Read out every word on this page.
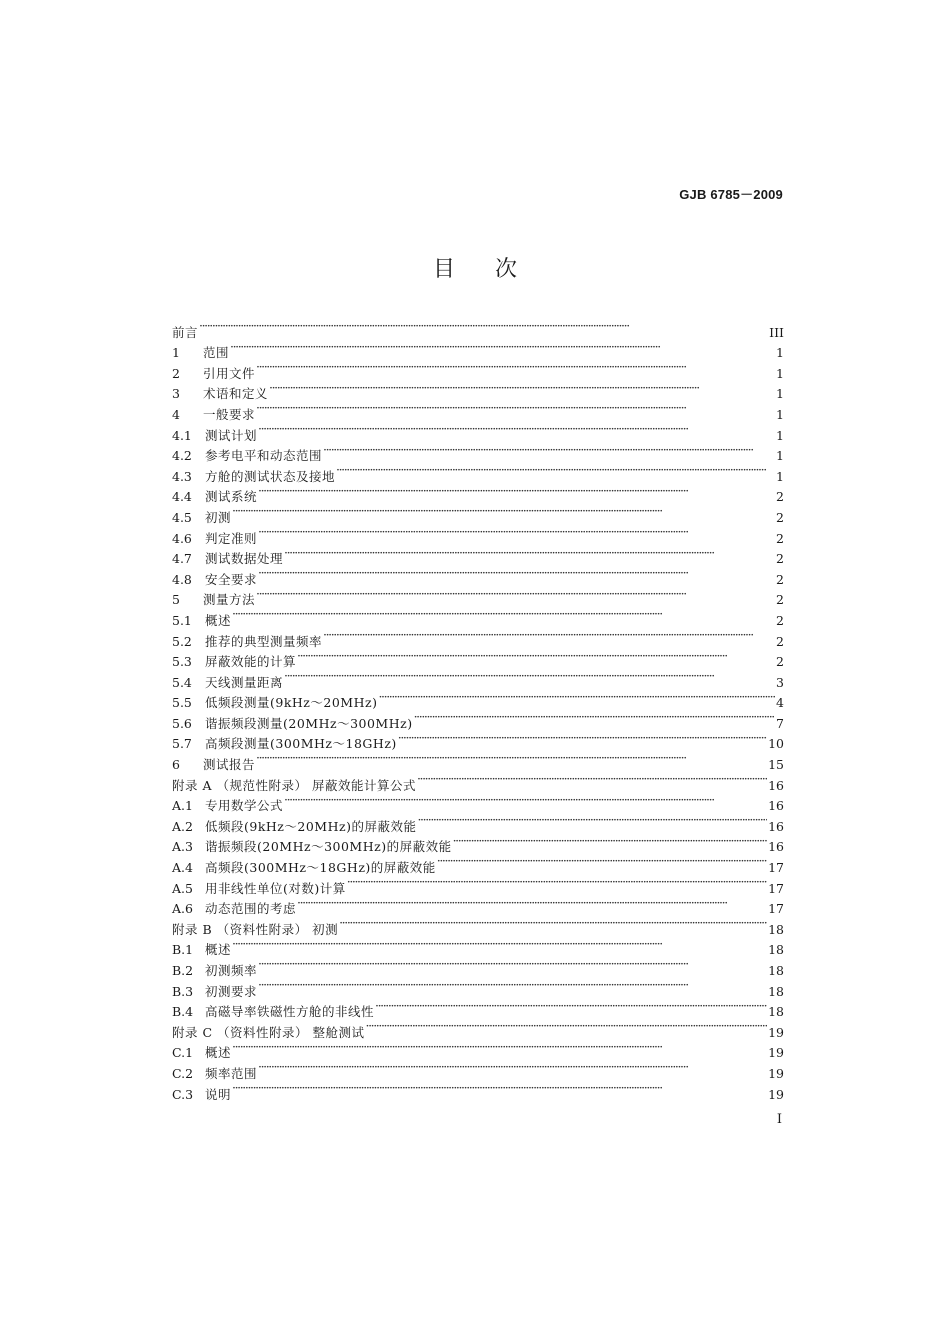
GJB 6785－2009
目次
前言 ·····	III
1	范围 ·····	1
2	引用文件 ·····	1
3	术语和定义 ·····	1
4	一般要求 ·····	1
4.1	测试计划 ·····	1
4.2	参考电平和动态范围 ·····	1
4.3	方舱的测试状态及接地 ·····	1
4.4	测试系统 ·····	2
4.5	初测 ·····	2
4.6	判定准则 ·····	2
4.7	测试数据处理 ·····	2
4.8	安全要求 ·····	2
5	测量方法 ·····	2
5.1	概述 ·····	2
5.2	推荐的典型测量频率 ·····	2
5.3	屏蔽效能的计算 ·····	2
5.4	天线测量距离 ·····	3
5.5	低频段测量(9kHz～20MHz) ·····	4
5.6	谐振频段测量(20MHz～300MHz) ·····	7
5.7	高频段测量(300MHz～18GHz) ·····	10
6	测试报告 ·····	15
附录 A （规范性附录） 屏蔽效能计算公式 ·····	16
A.1 专用数学公式 ·····	16
A.2 低频段(9kHz～20MHz)的屏蔽效能 ·····	16
A.3 谐振频段(20MHz～300MHz)的屏蔽效能 ·····	16
A.4 高频段(300MHz～18GHz)的屏蔽效能 ·····	17
A.5 用非线性单位(对数)计算 ·····	17
A.6 动态范围的考虑 ·····	17
附录 B （资料性附录） 初测 ·····	18
B.1 概述 ·····	18
B.2 初测频率 ·····	18
B.3 初测要求 ·····	18
B.4 高磁导率铁磁性方舱的非线性 ·····	18
附录 C （资料性附录） 整舱测试 ·····	19
C.1 概述 ·····	19
C.2 频率范围 ·····	19
C.3 说明 ·····	19
I
